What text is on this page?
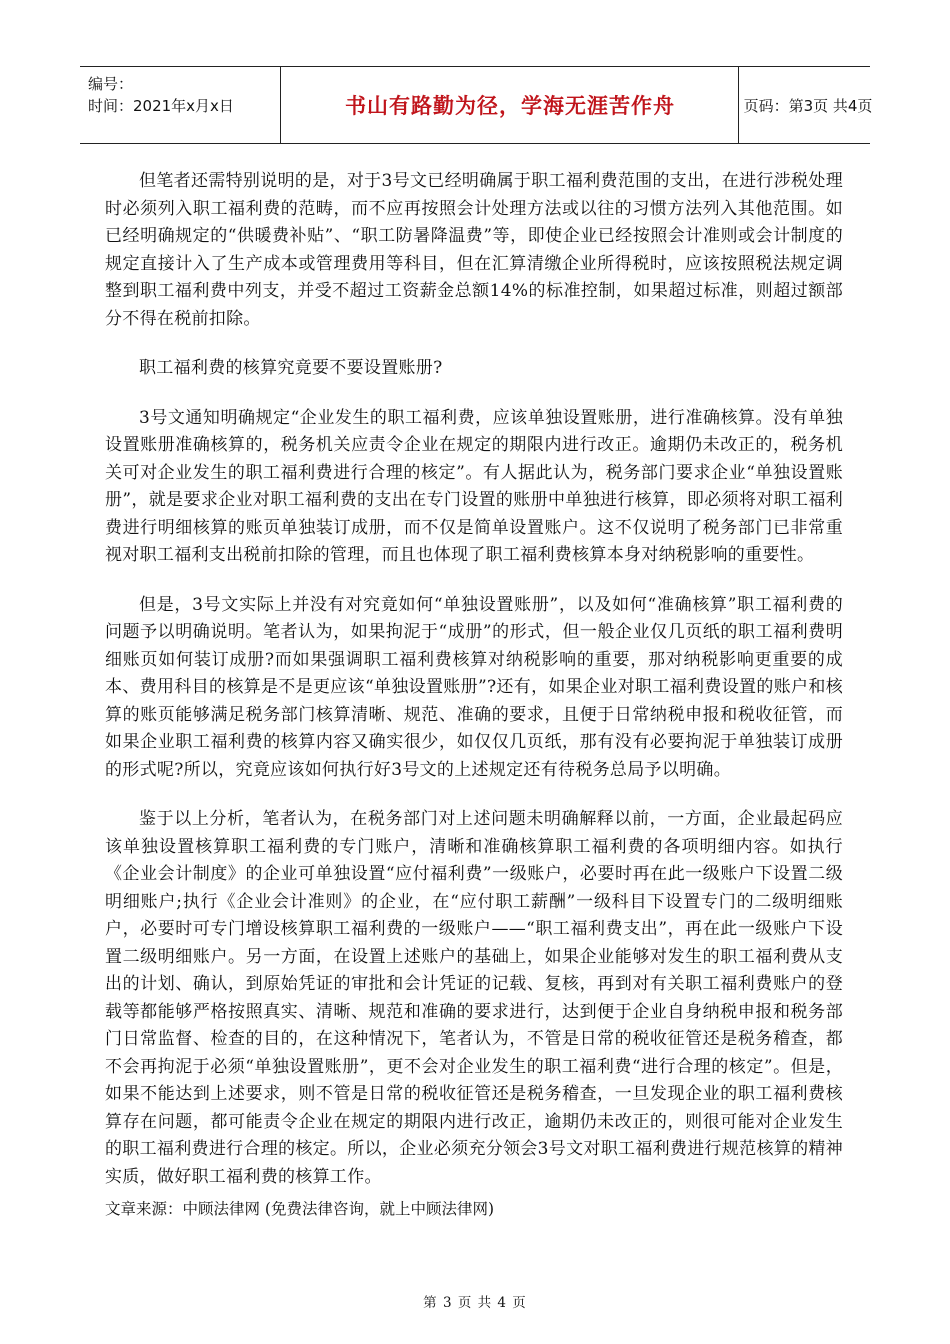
编号：
时间：2021年x月x日	书山有路勤为径，学海无涯苦作舟	页码：第3页 共4页

但笔者还需特别说明的是，对于3号文已经明确属于职工福利费范围的支出，在进行涉税处理时必须列入职工福利费的范畴，而不应再按照会计处理方法或以往的习惯方法列入其他范围。如已经明确规定的“供暖费补贴”、“职工防暑降温费”等，即使企业已经按照会计准则或会计制度的规定直接计入了生产成本或管理费用等科目，但在汇算清缴企业所得税时，应该按照税法规定调整到职工福利费中列支，并受不超过工资薪金总额14%的标准控制，如果超过标准，则超过额部分不得在税前扣除。

职工福利费的核算究竟要不要设置账册?

3号文通知明确规定“企业发生的职工福利费，应该单独设置账册，进行准确核算。没有单独设置账册准确核算的，税务机关应责令企业在规定的期限内进行改正。逾期仍未改正的，税务机关可对企业发生的职工福利费进行合理的核定”。有人据此认为，税务部门要求企业“单独设置账册”，就是要求企业对职工福利费的支出在专门设置的账册中单独进行核算，即必须将对职工福利费进行明细核算的账页单独装订成册，而不仅是简单设置账户。这不仅说明了税务部门已非常重视对职工福利支出税前扣除的管理，而且也体现了职工福利费核算本身对纳税影响的重要性。

但是，3号文实际上并没有对究竟如何“单独设置账册”，以及如何“准确核算”职工福利费的问题予以明确说明。笔者认为，如果拘泥于“成册”的形式，但一般企业仅几页纸的职工福利费明细账页如何装订成册?而如果强调职工福利费核算对纳税影响的重要，那对纳税影响更重要的成本、费用科目的核算是不是更应该“单独设置账册”?还有，如果企业对职工福利费设置的账户和核算的账页能够满足税务部门核算清晰、规范、准确的要求，且便于日常纳税申报和税收征管，而如果企业职工福利费的核算内容又确实很少，如仅仅几页纸，那有没有必要拘泥于单独装订成册的形式呢?所以，究竟应该如何执行好3号文的上述规定还有待税务总局予以明确。

鉴于以上分析，笔者认为，在税务部门对上述问题未明确解释以前，一方面，企业最起码应该单独设置核算职工福利费的专门账户，清晰和准确核算职工福利费的各项明细内容。如执行《企业会计制度》的企业可单独设置“应付福利费”一级账户，必要时再在此一级账户下设置二级明细账户;执行《企业会计准则》的企业，在“应付职工薪酬”一级科目下设置专门的二级明细账户，必要时可专门增设核算职工福利费的一级账户——“职工福利费支出”，再在此一级账户下设置二级明细账户。另一方面，在设置上述账户的基础上，如果企业能够对发生的职工福利费从支出的计划、确认，到原始凭证的审批和会计凭证的记载、复核，再到对有关职工福利费账户的登载等都能够严格按照真实、清晰、规范和准确的要求进行，达到便于企业自身纳税申报和税务部门日常监督、检查的目的，在这种情况下，笔者认为，不管是日常的税收征管还是税务稽查，都不会再拘泥于必须“单独设置账册”，更不会对企业发生的职工福利费“进行合理的核定”。但是，如果不能达到上述要求，则不管是日常的税收征管还是税务稽查，一旦发现企业的职工福利费核算存在问题，都可能责令企业在规定的期限内进行改正，逾期仍未改正的，则很可能对企业发生的职工福利费进行合理的核定。所以，企业必须充分领会3号文对职工福利费进行规范核算的精神实质，做好职工福利费的核算工作。

文章来源：中顾法律网 (免费法律咨询，就上中顾法律网)
第 3 页 共 4 页
